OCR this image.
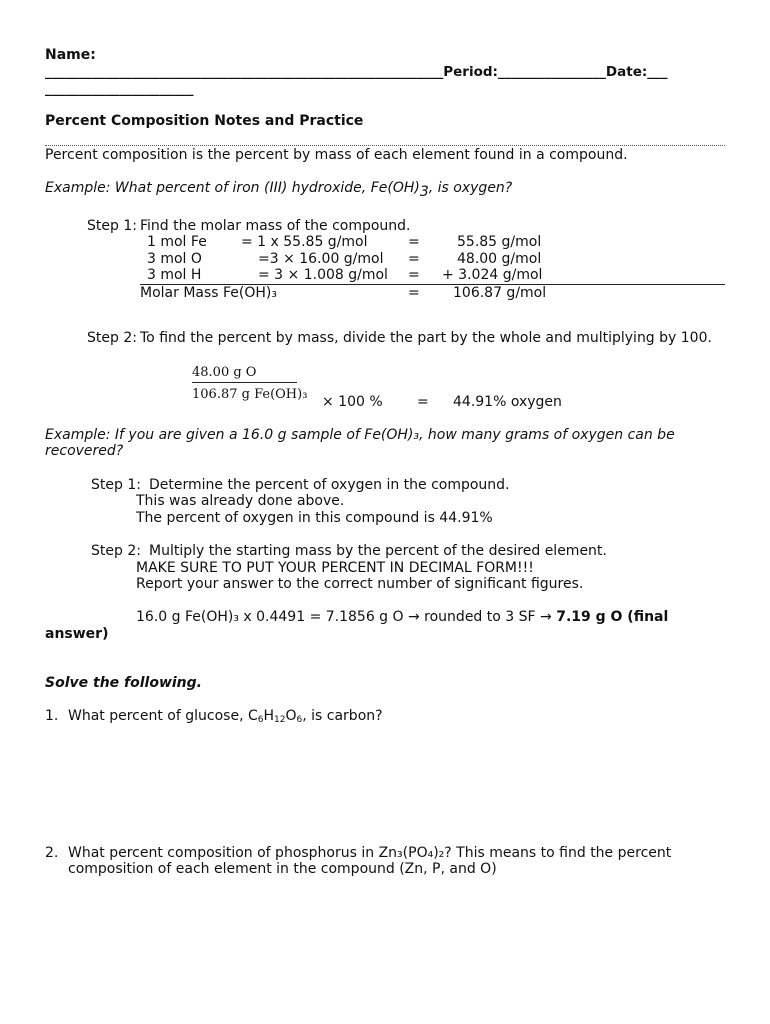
Name:
___________________________________________________________Period:________________Date:___
______________________
Percent Composition Notes and Practice
Percent composition is the percent by mass of each element found in a compound.
Example: What percent of iron (III) hydroxide, Fe(OH)3, is oxygen?
Step 1: Find the molar mass of the compound.
1 mol Fe = 1 x 55.85 g/mol	=	55.85 g/mol
3 mol O	=3 × 16.00 g/mol =	48.00 g/mol
3 mol H	= 3 × 1.008 g/mol = + 3.024 g/mol
Molar Mass Fe(OH)₃	= 106.87 g/mol
Step 2: To find the percent by mass, divide the part by the whole and multiplying by 100.
48.00 g O
106.87 g Fe(OH)₃ × 100 % = 44.91% oxygen
Example: If you are given a 16.0 g sample of Fe(OH)₃, how many grams of oxygen can be
recovered?
Step 1: Determine the percent of oxygen in the compound.
This was already done above.
The percent of oxygen in this compound is 44.91%
Step 2: Multiply the starting mass by the percent of the desired element.
MAKE SURE TO PUT YOUR PERCENT IN DECIMAL FORM!!!
Report your answer to the correct number of significant figures.
16.0 g Fe(OH)₃ x 0.4491 = 7.1856 g O → rounded to 3 SF → 7.19 g O (final
answer)
Solve the following.
1. What percent of glucose, $C_6H_{12}O_6$, is carbon?
2. What percent composition of phosphorus in Zn₃(PO₄)₂? This means to find the percent
composition of each element in the compound (Zn, P, and O)
